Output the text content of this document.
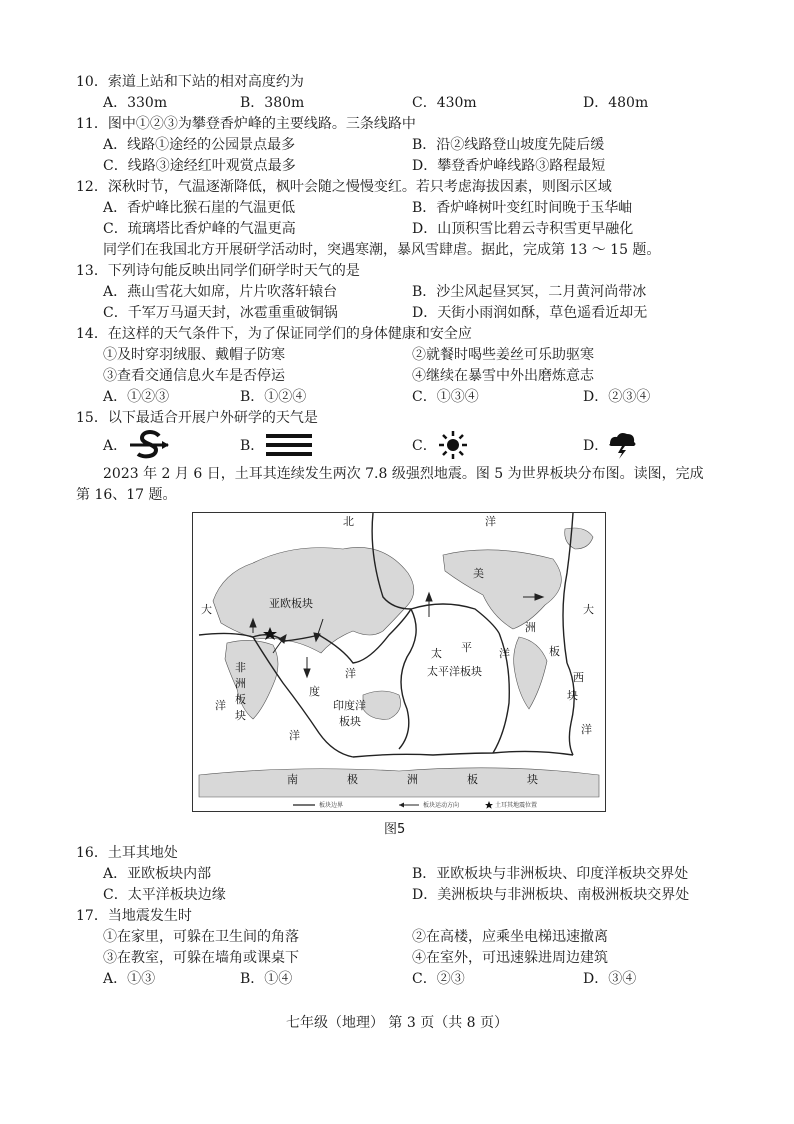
10．索道上站和下站的相对高度约为
A．330m	B．380m	C．430m	D．480m
11．图中①②③为攀登香炉峰的主要线路。三条线路中
A．线路①途经的公园景点最多	B．沿②线路登山坡度先陡后缓
C．线路③途经红叶观赏点最多	D．攀登香炉峰线路③路程最短
12．深秋时节，气温逐渐降低，枫叶会随之慢慢变红。若只考虑海拔因素，则图示区域
A．香炉峰比猴石崖的气温更低	B．香炉峰树叶变红时间晚于玉华岫
C．琉璃塔比香炉峰的气温更高	D．山顶积雪比碧云寺积雪更早融化
同学们在我国北方开展研学活动时，突遇寒潮，暴风雪肆虐。据此，完成第 13 ～ 15 题。
13．下列诗句能反映出同学们研学时天气的是
A．燕山雪花大如席，片片吹落轩辕台	B．沙尘风起昼冥冥，二月黄河尚带冰
C．千军万马逼天封，冰雹重重破铜锅	D．天街小雨润如酥，草色遥看近却无
14．在这样的天气条件下，为了保证同学们的身体健康和安全应
①及时穿羽绒服、戴帽子防寒	②就餐时喝些姜丝可乐助驱寒
③查看交通信息火车是否停运	④继续在暴雪中外出磨炼意志
A．①②③	B．①②④	C．①③④	D．②③④
15．以下最适合开展户外研学的天气是
A．	B．	C．	D．
2023 年 2 月 6 日，土耳其连续发生两次 7.8 级强烈地震。图 5 为世界板块分布图。读图，完成
第 16、17 题。
北	洋
亚欧板块
美
洲
板
西
块
大
洋
大
太 平 洋
太平洋板块
非
洲
板
块
洋
度
印度洋
板块
洋
洋
南	极	洲	板	块
板块边界	板块运动方向	土耳其地震位置
图5
16．土耳其地处
A．亚欧板块内部	B．亚欧板块与非洲板块、印度洋板块交界处
C．太平洋板块边缘	D．美洲板块与非洲板块、南极洲板块交界处
17．当地震发生时
①在家里，可躲在卫生间的角落	②在高楼，应乘坐电梯迅速撤离
③在教室，可躲在墙角或课桌下	④在室外，可迅速躲进周边建筑
A．①③	B．①④	C．②③	D．③④
七年级（地理） 第 3 页（共 8 页）
